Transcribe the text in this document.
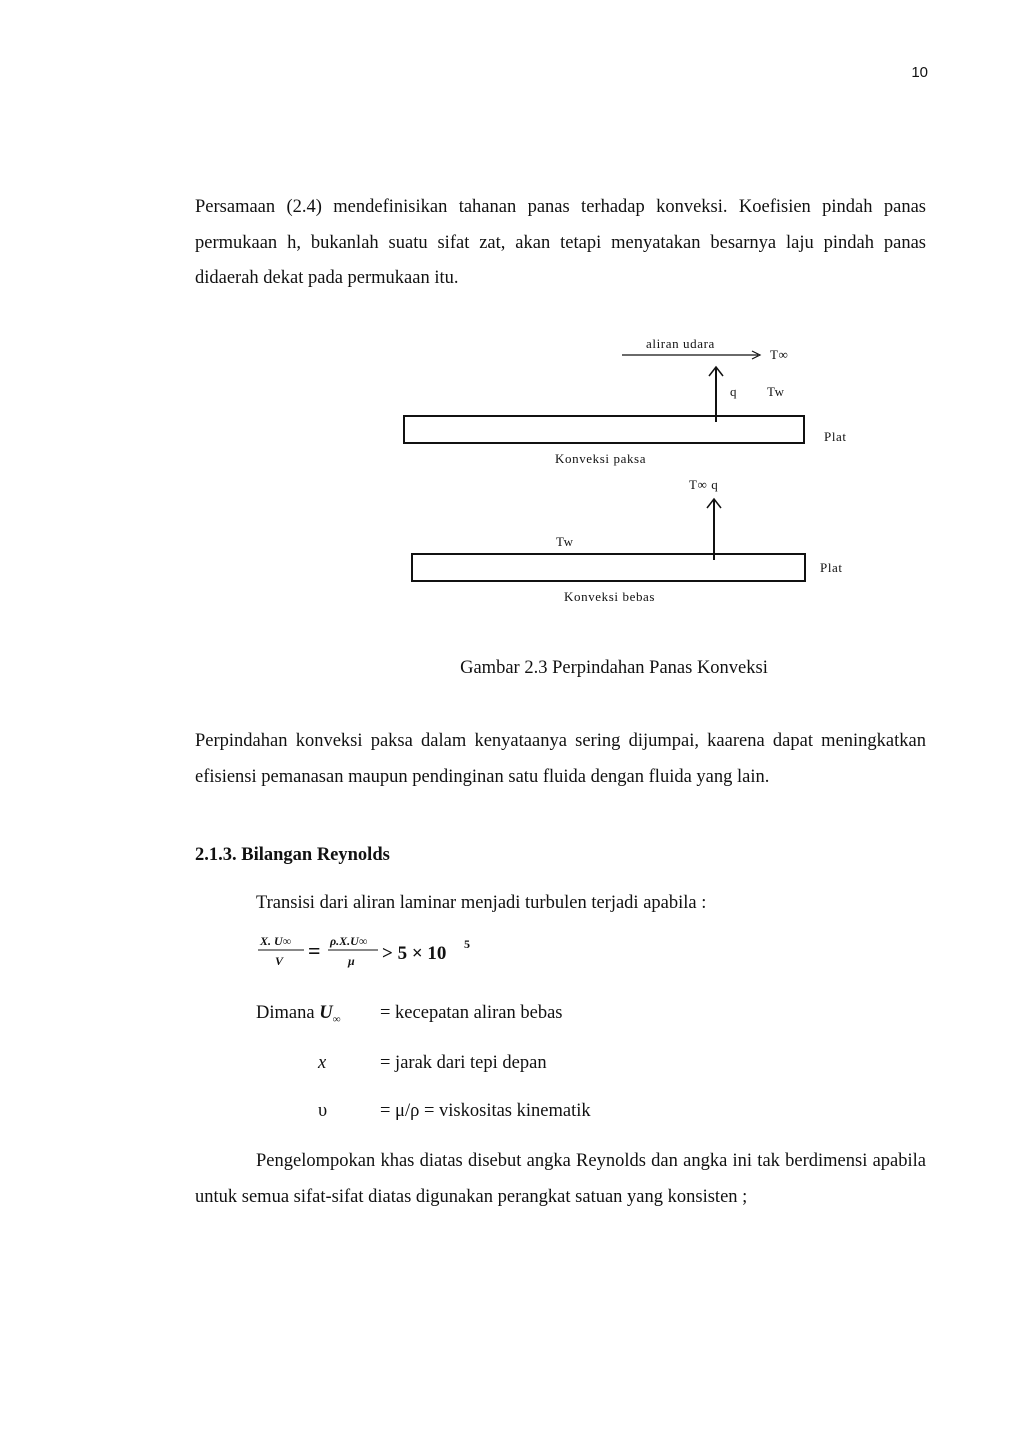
10

Persamaan (2.4) mendefinisikan tahanan panas terhadap konveksi. Koefisien pindah panas permukaan h, bukanlah suatu sifat zat, akan tetapi menyatakan besarnya laju pindah panas didaerah dekat pada permukaan itu.

aliran udara
T∞
q Tw
Plat
Konveksi paksa
T∞ q
Tw
Plat
Konveksi bebas
Gambar 2.3 Perpindahan Panas Konveksi

Perpindahan konveksi paksa dalam kenyataanya sering dijumpai, kaarena dapat meningkatkan efisiensi pemanasan maupun pendinginan satu fluida dengan fluida yang lain.

2.1.3. Bilangan Reynolds
Transisi dari aliran laminar menjadi turbulen terjadi apabila :
X. U∞
V = ρ.X.U∞
μ > 5 × 10 5
Dimana $U_\infty$ = kecepatan aliran bebas
x	= jarak dari tepi depan
υ	= μ/ρ = viskositas kinematik

Pengelompokan khas diatas disebut angka Reynolds dan angka ini tak berdimensi apabila untuk semua sifat-sifat diatas digunakan perangkat satuan yang konsisten ;
